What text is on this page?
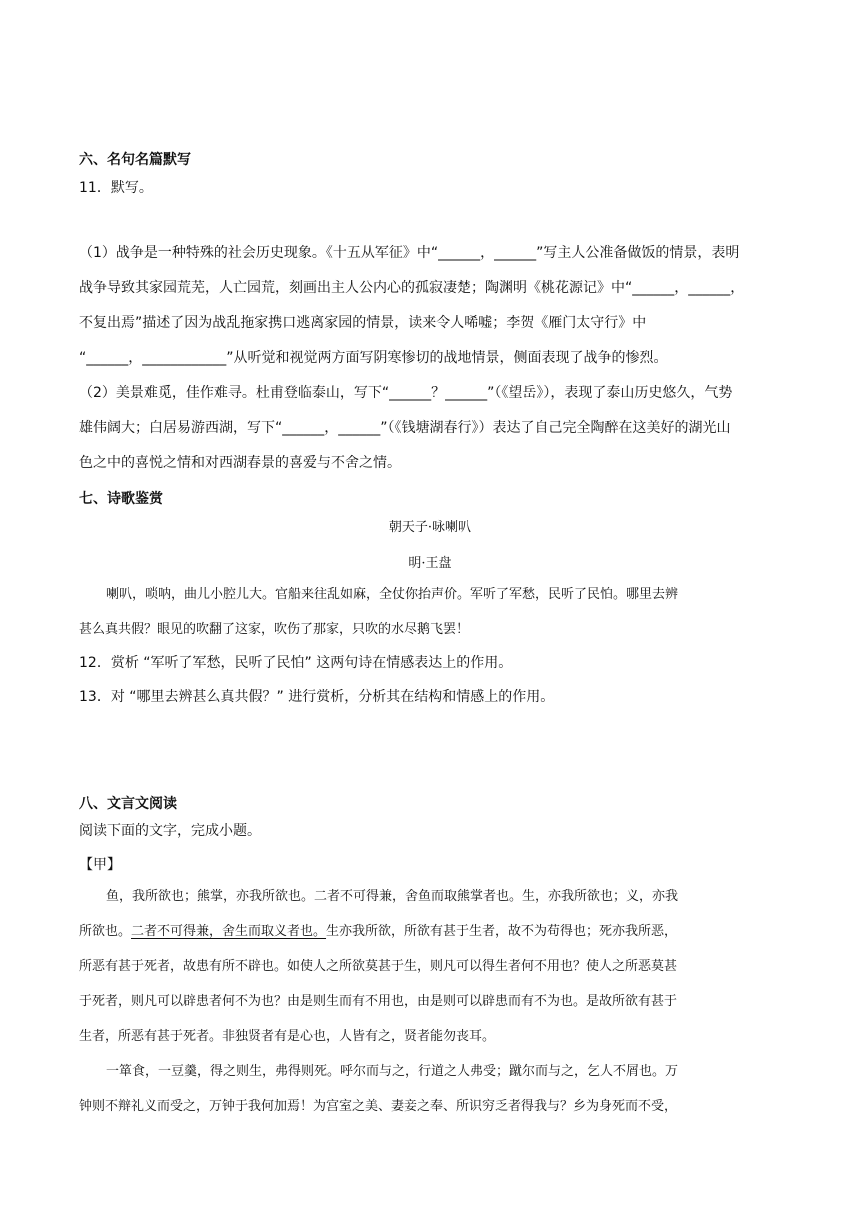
六、名句名篇默写
11．默写。
（1）战争是一种特殊的社会历史现象。《十五从军征》中“______，______”写主人公准备做饭的情景，表明
战争导致其家园荒芜，人亡园荒，刻画出主人公内心的孤寂凄楚；陶渊明《桃花源记》中“______，______，
不复出焉”描述了因为战乱拖家携口逃离家园的情景，读来令人唏嘘；李贺《雁门太守行》中
“______，____________”从听觉和视觉两方面写阴寒惨切的战地情景，侧面表现了战争的惨烈。
（2）美景难觅，佳作难寻。杜甫登临泰山，写下“______？______”（《望岳》），表现了泰山历史悠久，气势
雄伟阔大；白居易游西湖，写下“______，______”（《钱塘湖春行》）表达了自己完全陶醉在这美好的湖光山
色之中的喜悦之情和对西湖春景的喜爱与不舍之情。
七、诗歌鉴赏
朝天子·咏喇叭
明·王盘
喇叭，唢呐，曲儿小腔儿大。官船来往乱如麻，全仗你抬声价。军听了军愁，民听了民怕。哪里去辨
甚么真共假？眼见的吹翻了这家，吹伤了那家，只吹的水尽鹅飞罢！
12．赏析 “军听了军愁，民听了民怕” 这两句诗在情感表达上的作用。
13．对 “哪里去辨甚么真共假？” 进行赏析，分析其在结构和情感上的作用。
八、文言文阅读
阅读下面的文字，完成小题。
【甲】
鱼，我所欲也；熊掌，亦我所欲也。二者不可得兼，舍鱼而取熊掌者也。生，亦我所欲也；义，亦我
所欲也。二者不可得兼，舍生而取义者也。生亦我所欲，所欲有甚于生者，故不为苟得也；死亦我所恶，
所恶有甚于死者，故患有所不辟也。如使人之所欲莫甚于生，则凡可以得生者何不用也？使人之所恶莫甚
于死者，则凡可以辟患者何不为也？由是则生而有不用也，由是则可以辟患而有不为也。是故所欲有甚于
生者，所恶有甚于死者。非独贤者有是心也，人皆有之，贤者能勿丧耳。
一箪食，一豆羹，得之则生，弗得则死。呼尔而与之，行道之人弗受；蹴尔而与之，乞人不屑也。万
钟则不辩礼义而受之，万钟于我何加焉！为宫室之美、妻妾之奉、所识穷乏者得我与？乡为身死而不受，
